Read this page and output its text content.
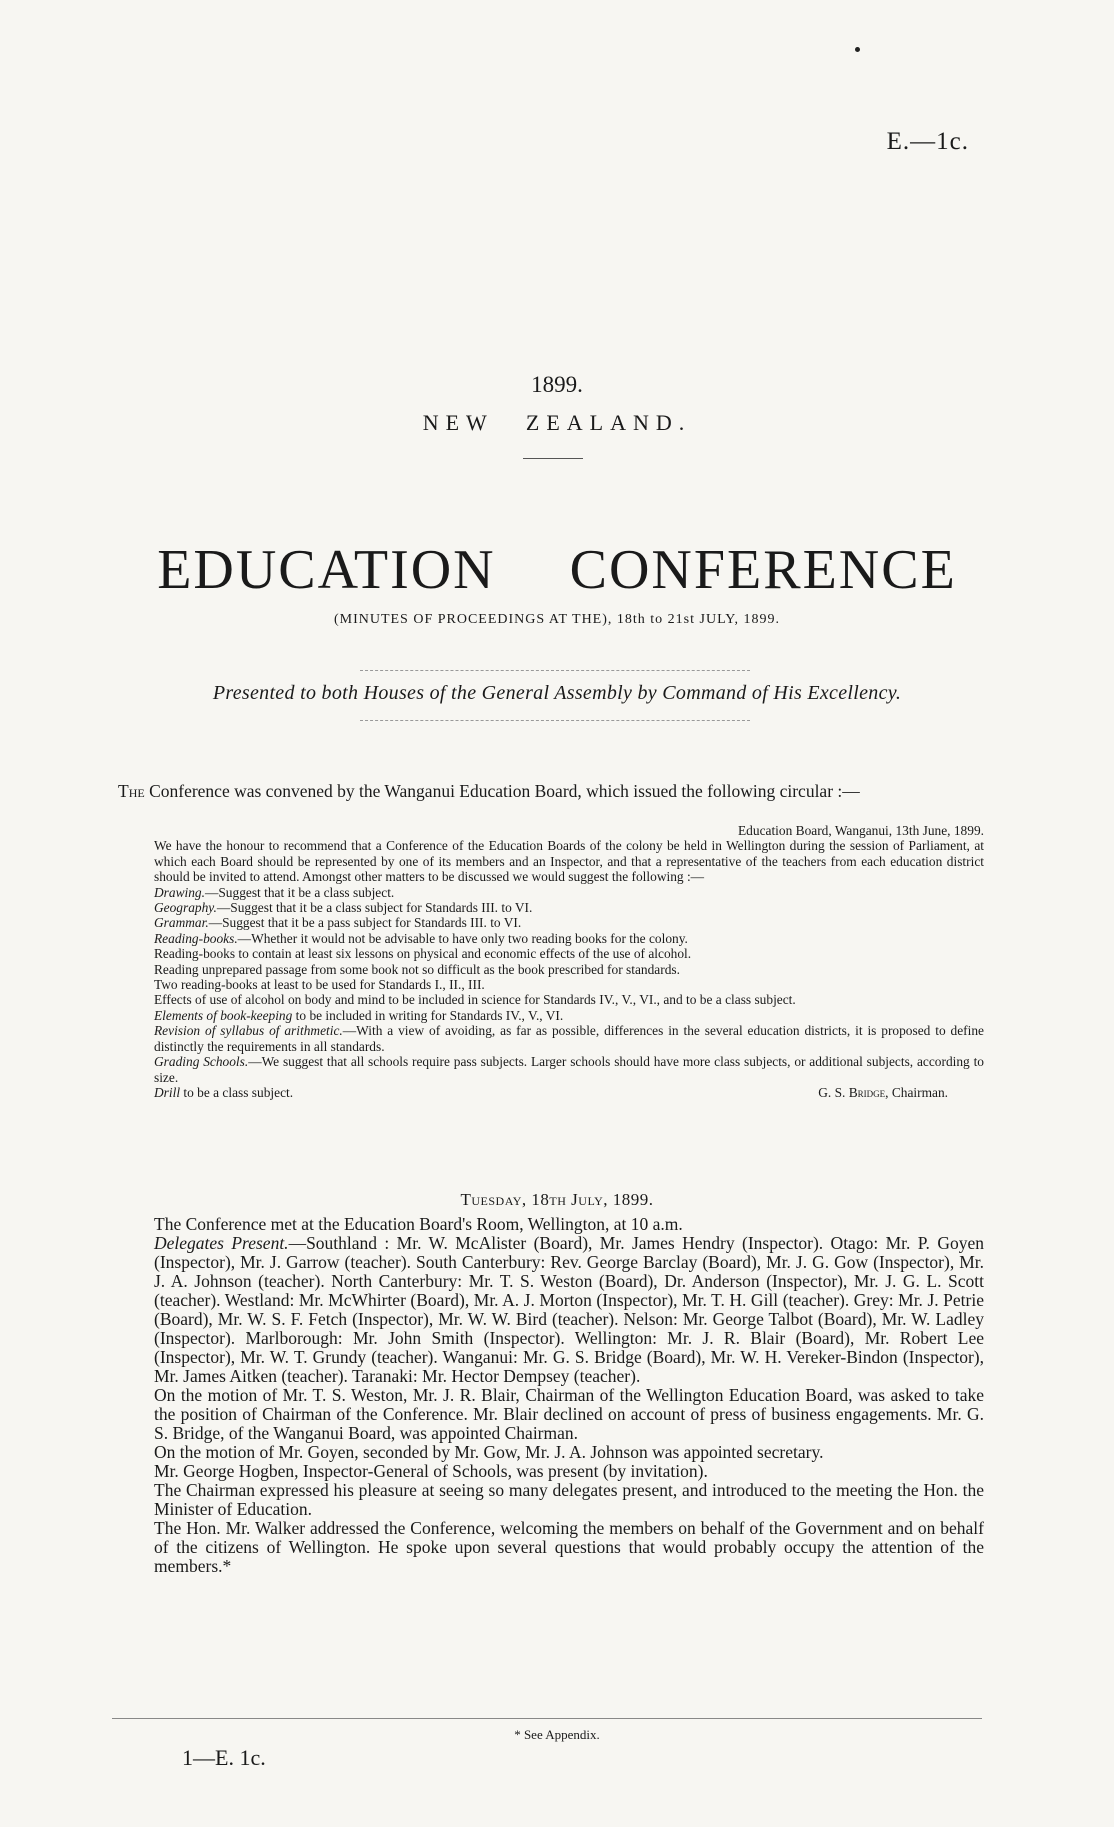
E.—1c.
1899.
NEW ZEALAND.
EDUCATION CONFERENCE
(MINUTES OF PROCEEDINGS AT THE), 18th to 21st JULY, 1899.
Presented to both Houses of the General Assembly by Command of His Excellency.
The Conference was convened by the Wanganui Education Board, which issued the following circular :—
Education Board, Wanganui, 13th June, 1899.
We have the honour to recommend that a Conference of the Education Boards of the colony be held in Wellington during the session of Parliament, at which each Board should be represented by one of its members and an Inspector, and that a representative of the teachers from each education district should be invited to attend. Amongst other matters to be discussed we would suggest the following :—
Drawing.—Suggest that it be a class subject.
Geography.—Suggest that it be a class subject for Standards III. to VI.
Grammar.—Suggest that it be a pass subject for Standards III. to VI.
Reading-books.—Whether it would not be advisable to have only two reading books for the colony.
Reading-books to contain at least six lessons on physical and economic effects of the use of alcohol.
Reading unprepared passage from some book not so difficult as the book prescribed for standards.
Two reading-books at least to be used for Standards I., II., III.
Effects of use of alcohol on body and mind to be included in science for Standards IV., V., VI., and to be a class subject.
Elements of book-keeping to be included in writing for Standards IV., V., VI.
Revision of syllabus of arithmetic.—With a view of avoiding, as far as possible, differences in the several education districts, it is proposed to define distinctly the requirements in all standards.
Grading Schools.—We suggest that all schools require pass subjects. Larger schools should have more class subjects, or additional subjects, according to size.
Drill to be a class subject.	G. S. Bridge, Chairman.
Tuesday, 18th July, 1899.
The Conference met at the Education Board's Room, Wellington, at 10 a.m.
Delegates Present.—Southland : Mr. W. McAlister (Board), Mr. James Hendry (Inspector). Otago: Mr. P. Goyen (Inspector), Mr. J. Garrow (teacher). South Canterbury: Rev. George Barclay (Board), Mr. J. G. Gow (Inspector), Mr. J. A. Johnson (teacher). North Canterbury: Mr. T. S. Weston (Board), Dr. Anderson (Inspector), Mr. J. G. L. Scott (teacher). Westland: Mr. McWhirter (Board), Mr. A. J. Morton (Inspector), Mr. T. H. Gill (teacher). Grey: Mr. J. Petrie (Board), Mr. W. S. F. Fetch (Inspector), Mr. W. W. Bird (teacher). Nelson: Mr. George Talbot (Board), Mr. W. Ladley (Inspector). Marlborough: Mr. John Smith (Inspector). Wellington: Mr. J. R. Blair (Board), Mr. Robert Lee (Inspector), Mr. W. T. Grundy (teacher). Wanganui: Mr. G. S. Bridge (Board), Mr. W. H. Vereker-Bindon (Inspector), Mr. James Aitken (teacher). Taranaki: Mr. Hector Dempsey (teacher).
On the motion of Mr. T. S. Weston, Mr. J. R. Blair, Chairman of the Wellington Education Board, was asked to take the position of Chairman of the Conference. Mr. Blair declined on account of press of business engagements. Mr. G. S. Bridge, of the Wanganui Board, was appointed Chairman.
On the motion of Mr. Goyen, seconded by Mr. Gow, Mr. J. A. Johnson was appointed secretary.
Mr. George Hogben, Inspector-General of Schools, was present (by invitation).
The Chairman expressed his pleasure at seeing so many delegates present, and introduced to the meeting the Hon. the Minister of Education.
The Hon. Mr. Walker addressed the Conference, welcoming the members on behalf of the Government and on behalf of the citizens of Wellington. He spoke upon several questions that would probably occupy the attention of the members.*
* See Appendix.
1—E. 1c.
